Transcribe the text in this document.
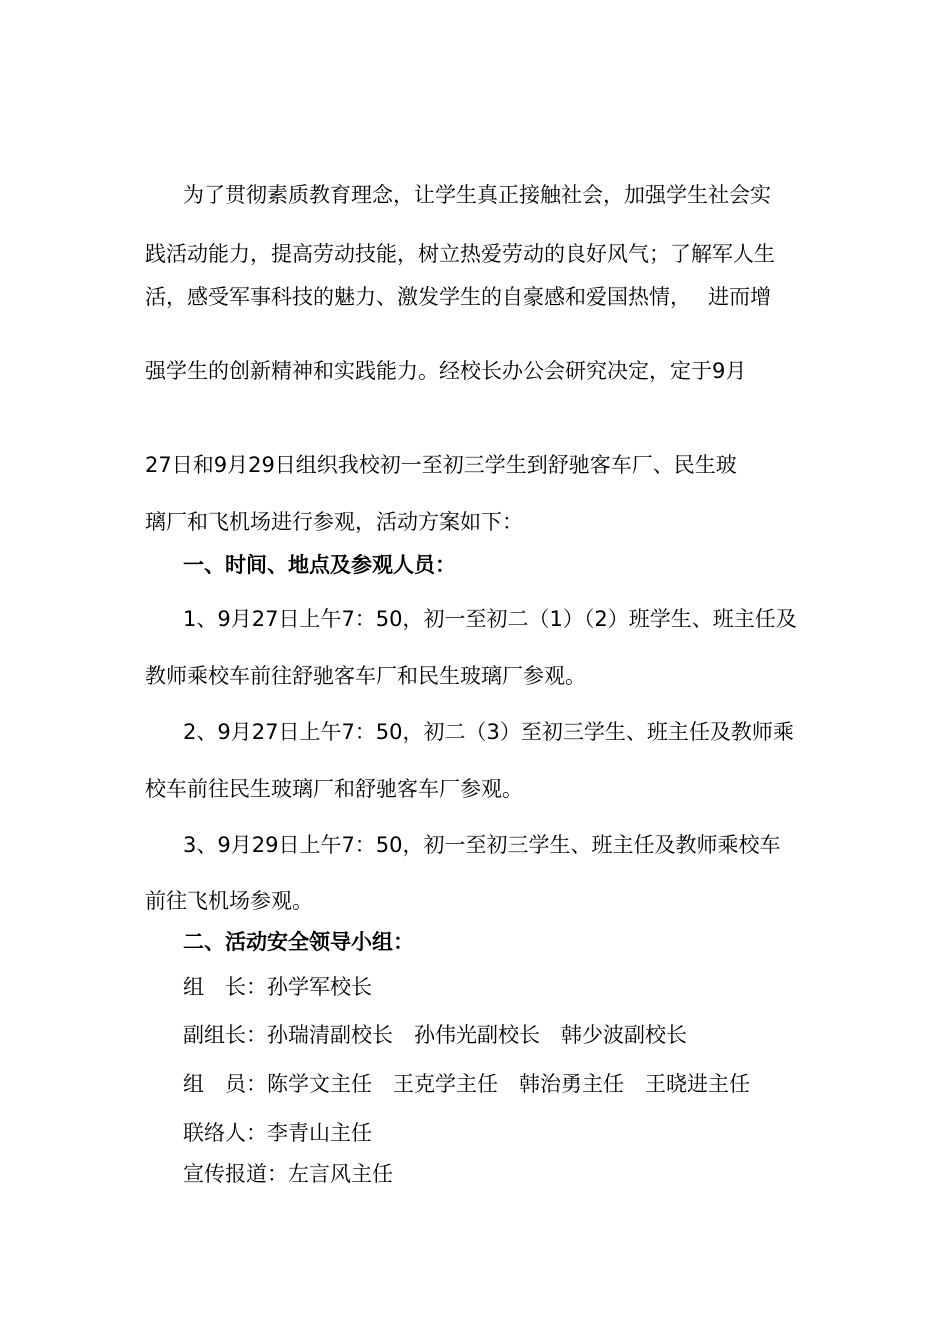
为了贯彻素质教育理念，让学生真正接触社会，加强学生社会实

践活动能力，提高劳动技能，树立热爱劳动的良好风气；了解军人生

活，感受军事科技的魅力、激发学生的自豪感和爱国热情，　 进而增

强学生的创新精神和实践能力。经校长办公会研究决定，定于9月

27日和9月29日组织我校初一至初三学生到舒驰客车厂、民生玻

璃厂和飞机场进行参观，活动方案如下：

一、时间、地点及参观人员：

1、9月27日上午7：50，初一至初二（1）（2）班学生、班主任及

教师乘校车前往舒驰客车厂和民生玻璃厂参观。

2、9月27日上午7：50，初二（3）至初三学生、班主任及教师乘

校车前往民生玻璃厂和舒驰客车厂参观。

3、9月29日上午7：50，初一至初三学生、班主任及教师乘校车

前往飞机场参观。

二、活动安全领导小组：

组　长：孙学军校长

副组长：孙瑞清副校长　孙伟光副校长　韩少波副校长

组　员：陈学文主任　王克学主任　韩治勇主任　王晓进主任

联络人：李青山主任

宣传报道：左言风主任
